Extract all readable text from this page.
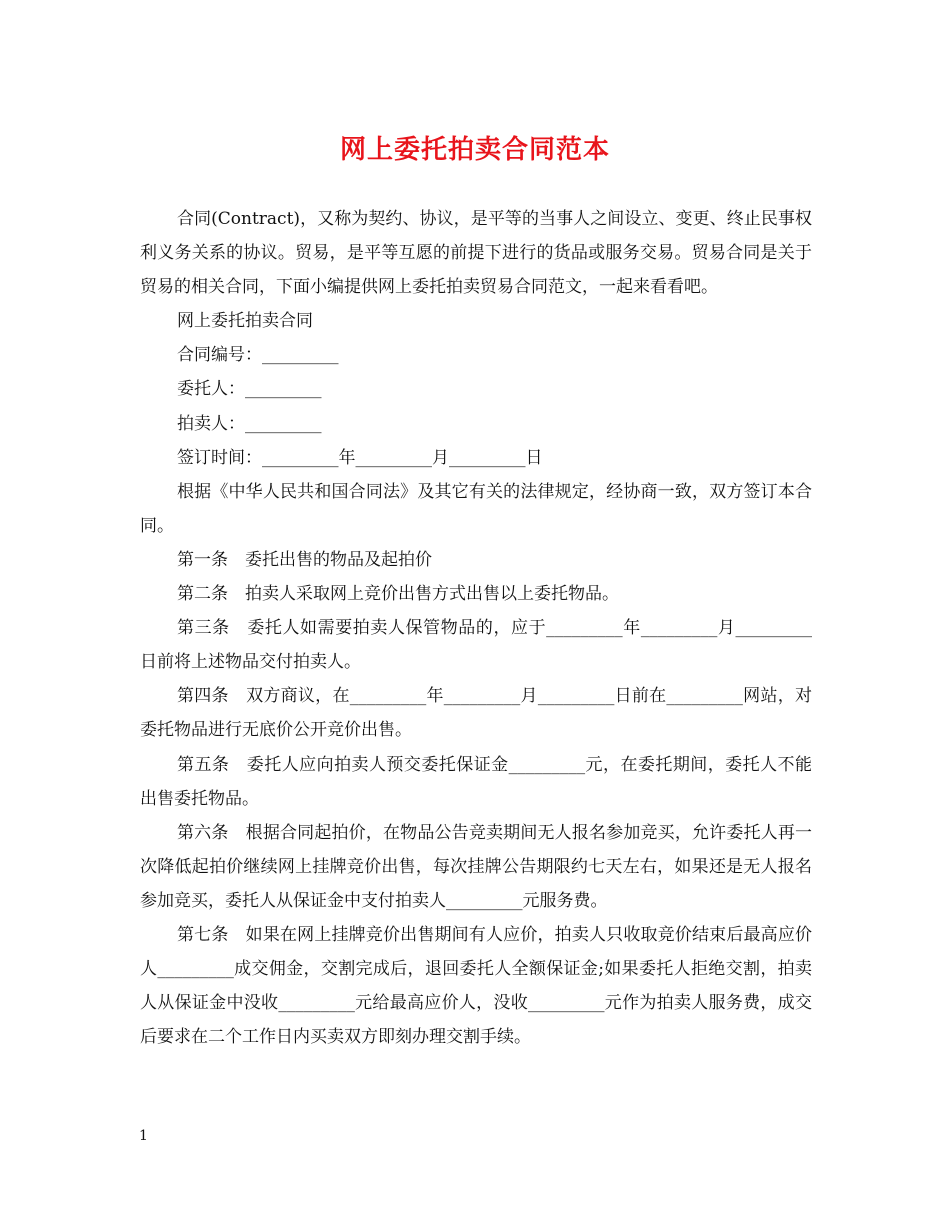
网上委托拍卖合同范本

合同(Contract)，又称为契约、协议，是平等的当事人之间设立、变更、终止民事权利义务关系的协议。贸易，是平等互愿的前提下进行的货品或服务交易。贸易合同是关于贸易的相关合同，下面小编提供网上委托拍卖贸易合同范文，一起来看看吧。

网上委托拍卖合同

合同编号：_________

委托人：_________

拍卖人：_________

签订时间：_________年_________月_________日

根据《中华人民共和国合同法》及其它有关的法律规定，经协商一致，双方签订本合同。

第一条　委托出售的物品及起拍价

第二条　拍卖人采取网上竞价出售方式出售以上委托物品。

第三条　委托人如需要拍卖人保管物品的，应于_________年_________月_________日前将上述物品交付拍卖人。

第四条　双方商议，在_________年_________月_________日前在_________网站，对委托物品进行无底价公开竞价出售。

第五条　委托人应向拍卖人预交委托保证金_________元，在委托期间，委托人不能出售委托物品。

第六条　根据合同起拍价，在物品公告竞卖期间无人报名参加竞买，允许委托人再一次降低起拍价继续网上挂牌竞价出售，每次挂牌公告期限约七天左右，如果还是无人报名参加竞买，委托人从保证金中支付拍卖人_________元服务费。

第七条　如果在网上挂牌竞价出售期间有人应价，拍卖人只收取竞价结束后最高应价人_________成交佣金，交割完成后，退回委托人全额保证金;如果委托人拒绝交割，拍卖人从保证金中没收_________元给最高应价人，没收_________元作为拍卖人服务费，成交后要求在二个工作日内买卖双方即刻办理交割手续。

1
